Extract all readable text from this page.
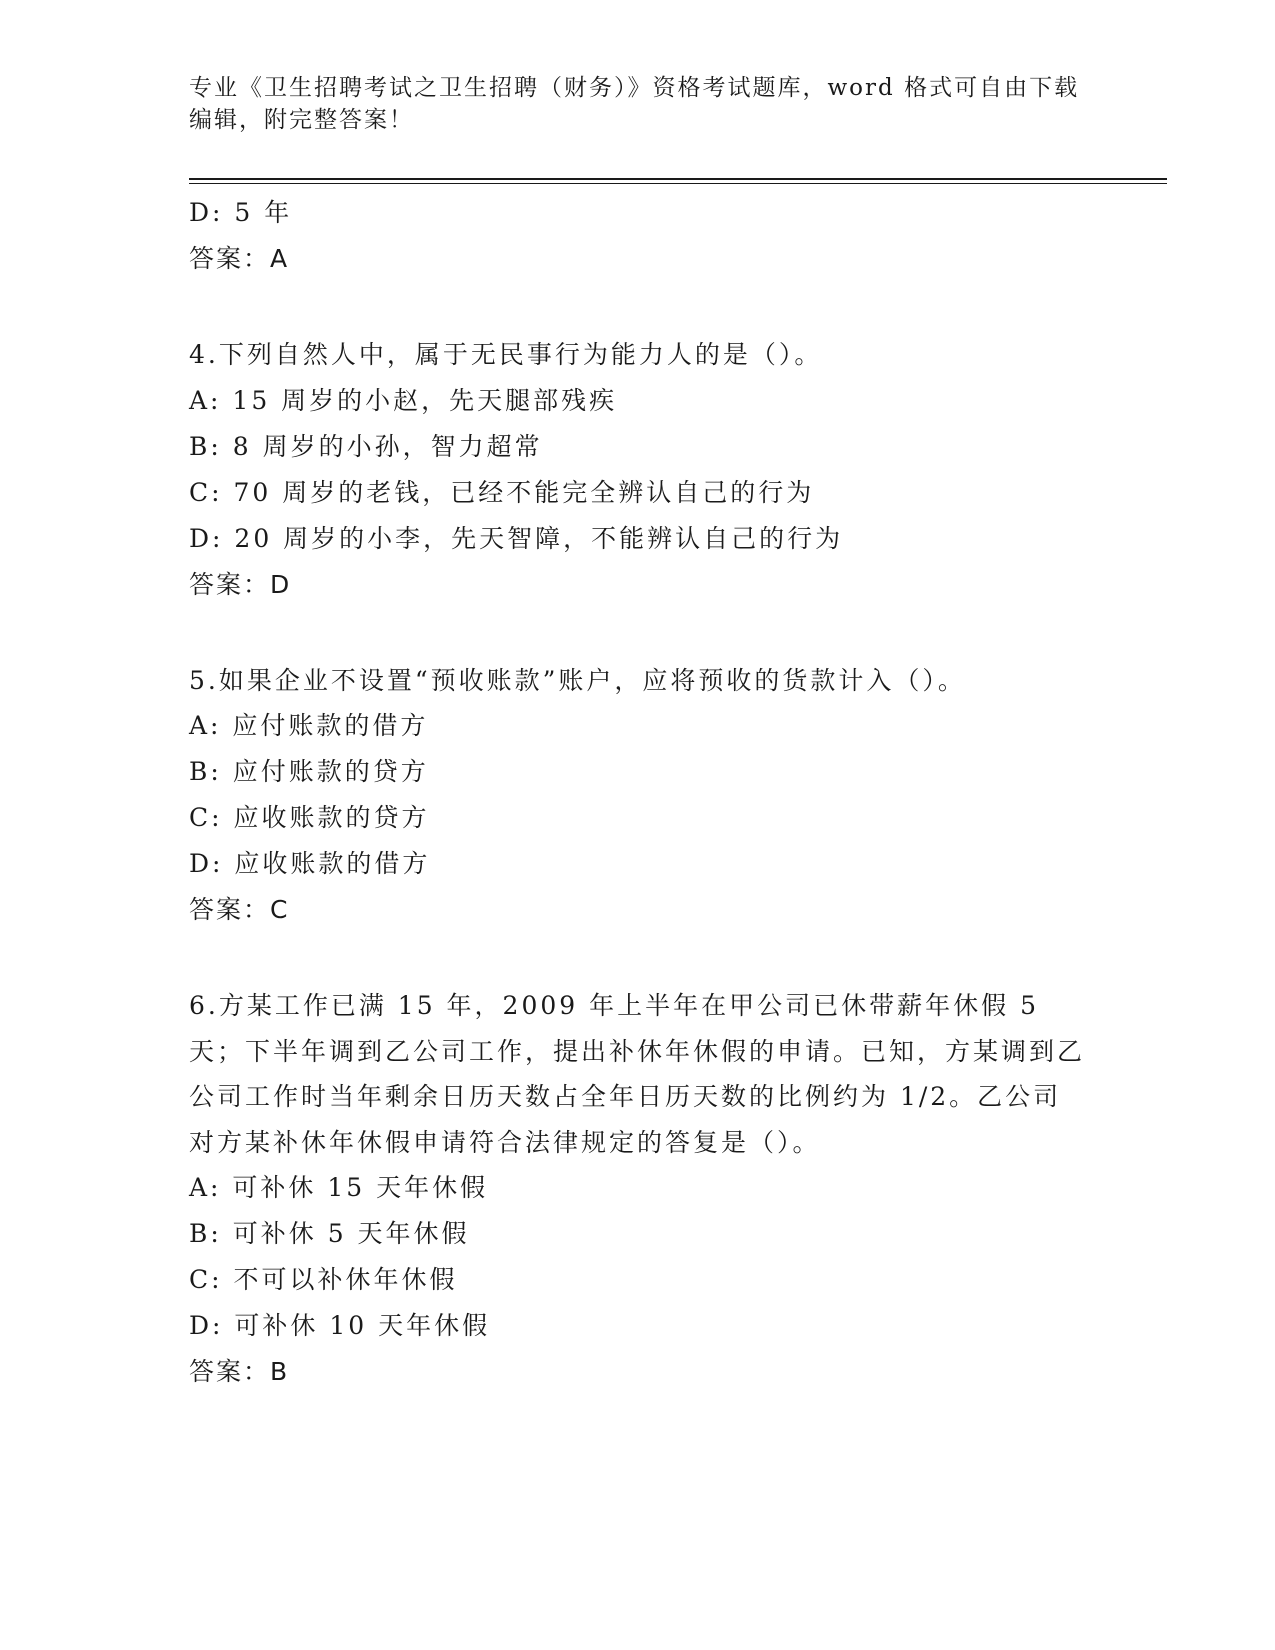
专业《卫生招聘考试之卫生招聘（财务）》资格考试题库，word 格式可自由下载编辑，附完整答案！
D: 5 年
答案：A
4.下列自然人中，属于无民事行为能力人的是（）。
A: 15 周岁的小赵，先天腿部残疾
B: 8 周岁的小孙，智力超常
C: 70 周岁的老钱，已经不能完全辨认自己的行为
D: 20 周岁的小李，先天智障，不能辨认自己的行为
答案：D
5.如果企业不设置“预收账款”账户，应将预收的货款计入（）。
A: 应付账款的借方
B: 应付账款的贷方
C: 应收账款的贷方
D: 应收账款的借方
答案：C
6.方某工作已满 15 年，2009 年上半年在甲公司已休带薪年休假 5 天；下半年调到乙公司工作，提出补休年休假的申请。已知，方某调到乙公司工作时当年剩余日历天数占全年日历天数的比例约为 1/2。乙公司对方某补休年休假申请符合法律规定的答复是（）。
A: 可补休 15 天年休假
B: 可补休 5 天年休假
C: 不可以补休年休假
D: 可补休 10 天年休假
答案：B
